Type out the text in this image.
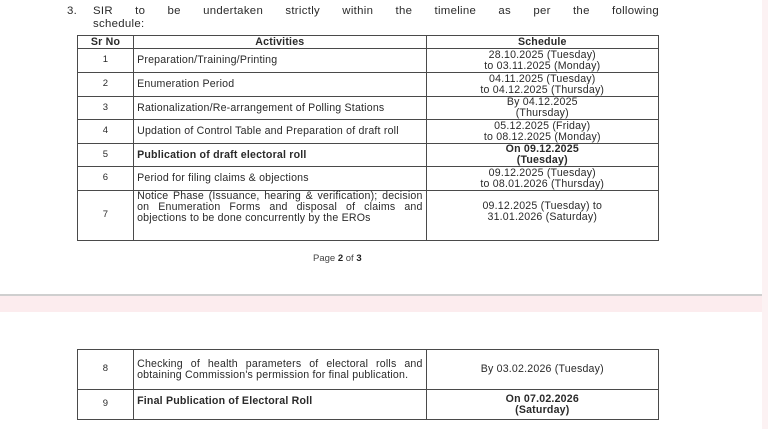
3. SIR to be undertaken strictly within the timeline as per the following
schedule:
Sr No	Activities	Schedule
1	Preparation/Training/Printing	28.10.2025 (Tuesday)
to 03.11.2025 (Monday)

2	Enumeration Period	04.11.2025 (Tuesday)
to 04.12.2025 (Thursday)

3	Rationalization/Re-arrangement of Polling Stations	By 04.12.2025
(Thursday)

4	Updation of Control Table and Preparation of draft roll	05.12.2025 (Friday)
to 08.12.2025 (Monday)

5	Publication of draft electoral roll	On 09.12.2025
(Tuesday)

6	Period for filing claims & objections	09.12.2025 (Tuesday)
to 08.01.2026 (Thursday)

7	Notice Phase (Issuance, hearing & verification); decision on Enumeration Forms and disposal of claims and objections to be done concurrently by the EROs	09.12.2025 (Tuesday) to
31.01.2026 (Saturday)
Page 2 of 3
8	Checking of health parameters of electoral rolls and obtaining Commission's permission for final publication.	By 03.02.2026 (Tuesday)

9	Final Publication of Electoral Roll	On 07.02.2026
(Saturday)
